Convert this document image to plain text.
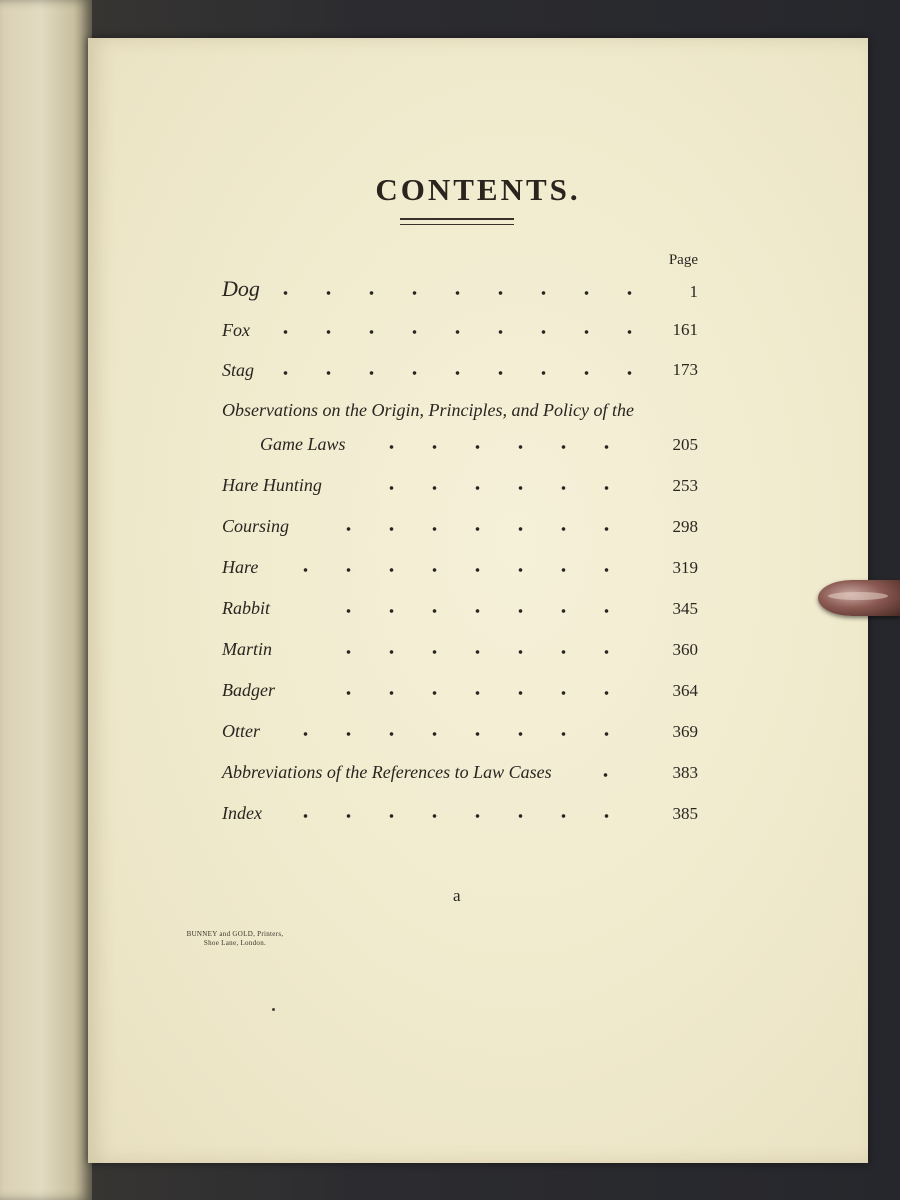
CONTENTS.
Page
Dog	1
Fox	161
Stag	173
Observations on the Origin, Principles, and Policy of the
Game Laws	205
Hare Hunting	253
Coursing	298
Hare	319
Rabbit	345
Martin	360
Badger	364
Otter	369
Abbreviations of the References to Law Cases	383
Index	385
a
BUNNEY and GOLD, Printers,
Shoe Lane, London.
